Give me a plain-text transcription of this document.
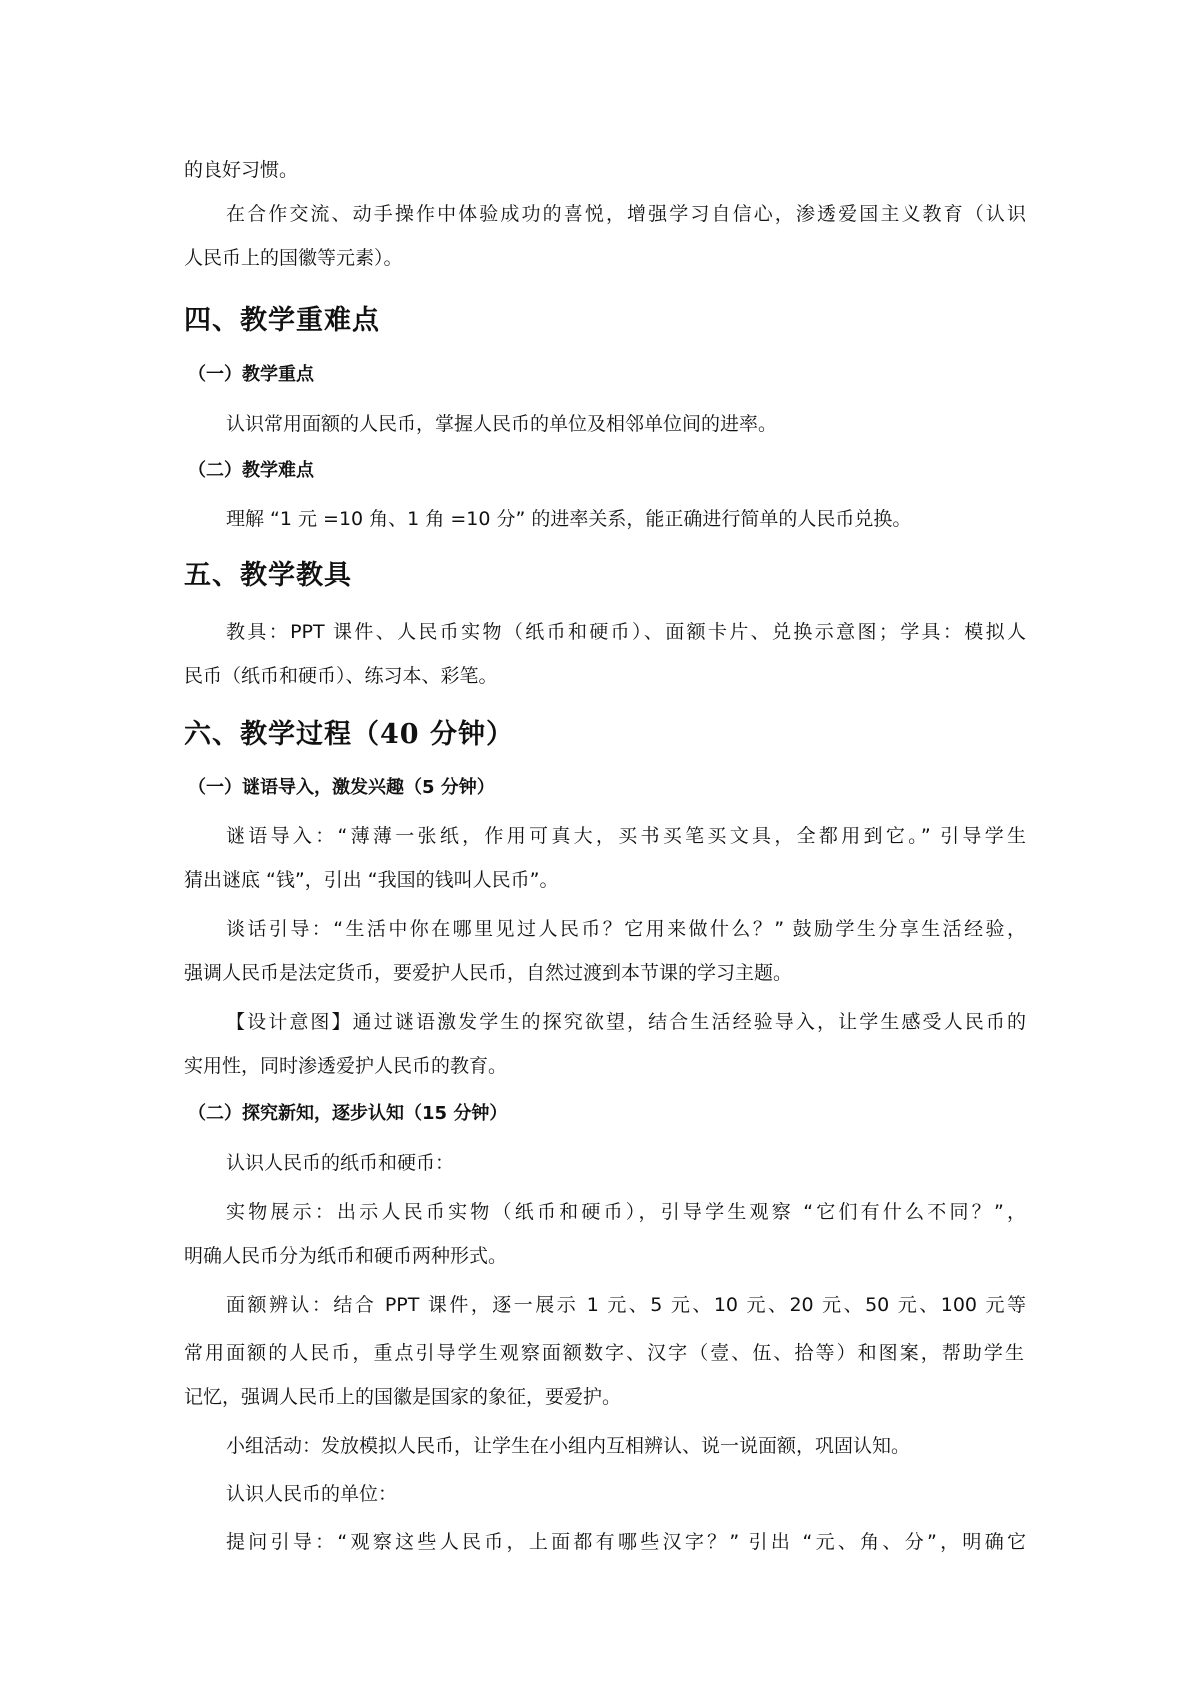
的良好习惯。
在合作交流、动手操作中体验成功的喜悦，增强学习自信心，渗透爱国主义教育（认识
人民币上的国徽等元素）。
四、教学重难点
（一）教学重点
认识常用面额的人民币，掌握人民币的单位及相邻单位间的进率。
（二）教学难点
理解 “1 元 =10 角、1 角 =10 分” 的进率关系，能正确进行简单的人民币兑换。
五、教学教具
教具：PPT 课件、人民币实物（纸币和硬币）、面额卡片、兑换示意图；学具：模拟人
民币（纸币和硬币）、练习本、彩笔。
六、教学过程（40 分钟）
（一）谜语导入，激发兴趣（5 分钟）
谜语导入：“薄薄一张纸，作用可真大，买书买笔买文具，全都用到它。” 引导学生
猜出谜底 “钱”，引出 “我国的钱叫人民币”。
谈话引导：“生活中你在哪里见过人民币？它用来做什么？” 鼓励学生分享生活经验，
强调人民币是法定货币，要爱护人民币，自然过渡到本节课的学习主题。
【设计意图】通过谜语激发学生的探究欲望，结合生活经验导入，让学生感受人民币的
实用性，同时渗透爱护人民币的教育。
（二）探究新知，逐步认知（15 分钟）
认识人民币的纸币和硬币：
实物展示：出示人民币实物（纸币和硬币），引导学生观察 “它们有什么不同？”，
明确人民币分为纸币和硬币两种形式。
面额辨认：结合 PPT 课件，逐一展示 1 元、5 元、10 元、20 元、50 元、100 元等
常用面额的人民币，重点引导学生观察面额数字、汉字（壹、伍、拾等）和图案，帮助学生
记忆，强调人民币上的国徽是国家的象征，要爱护。
小组活动：发放模拟人民币，让学生在小组内互相辨认、说一说面额，巩固认知。
认识人民币的单位：
提问引导：“观察这些人民币，上面都有哪些汉字？” 引出 “元、角、分”，明确它
